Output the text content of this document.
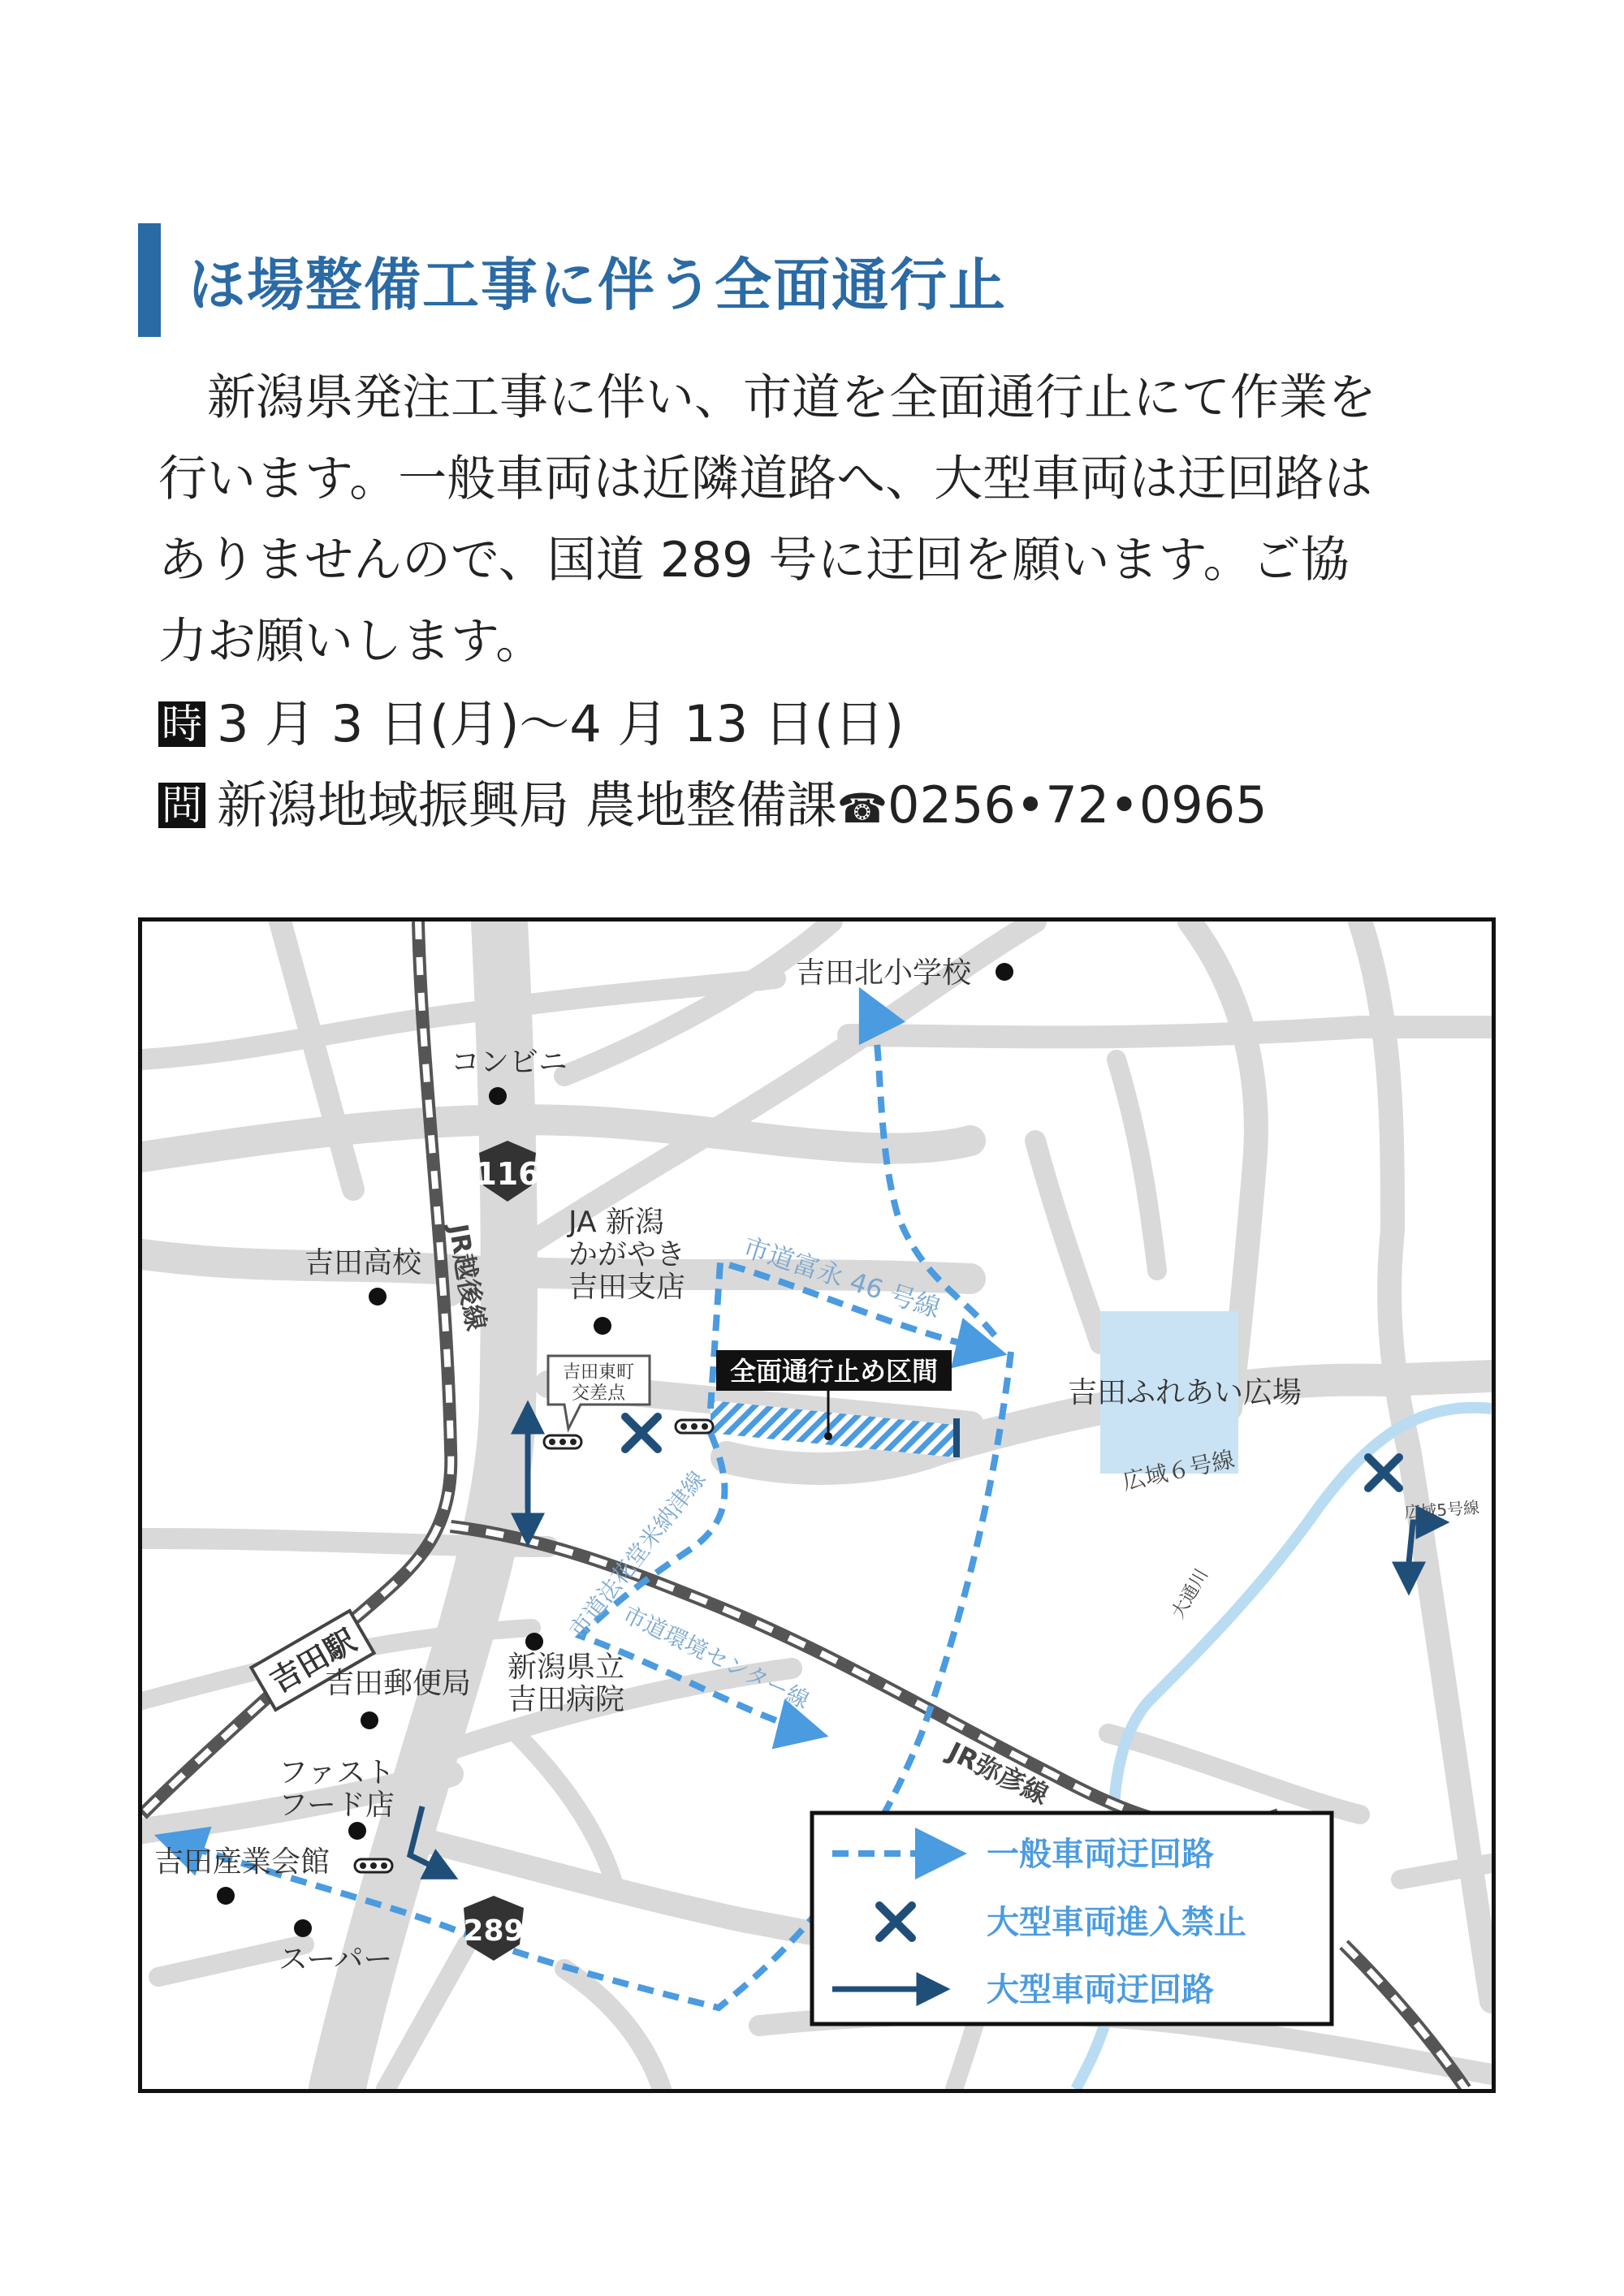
ほ場整備工事に伴う全面通行止

新潟県発注工事に伴い、市道を全面通行止にて作業を

行います。一般車両は近隣道路へ、大型車両は迂回路は

ありませんので、国道 289 号に迂回を願います。ご協

力お願いします。

時 3 月 3 日(月)～4 月 13 日(日)
問 新潟地域振興局 農地整備課☎0256•72•0965
116
289
全面通行止め区間
吉田東町
交差点
吉田駅
吉田北小学校
コンビニ
JA 新潟
かがやき
吉田支店
吉田高校
吉田ふれあい広場
新潟県立
吉田病院
吉田郵便局
ファスト
フード店
吉田産業会館
スーパー
JR越後線	市道富永 46 号線
広域６号線
広域5号線
大通川
市道法花堂米納津線
市道環境センター線
JR弥彦線
一般車両迂回路
大型車両進入禁止
大型車両迂回路
